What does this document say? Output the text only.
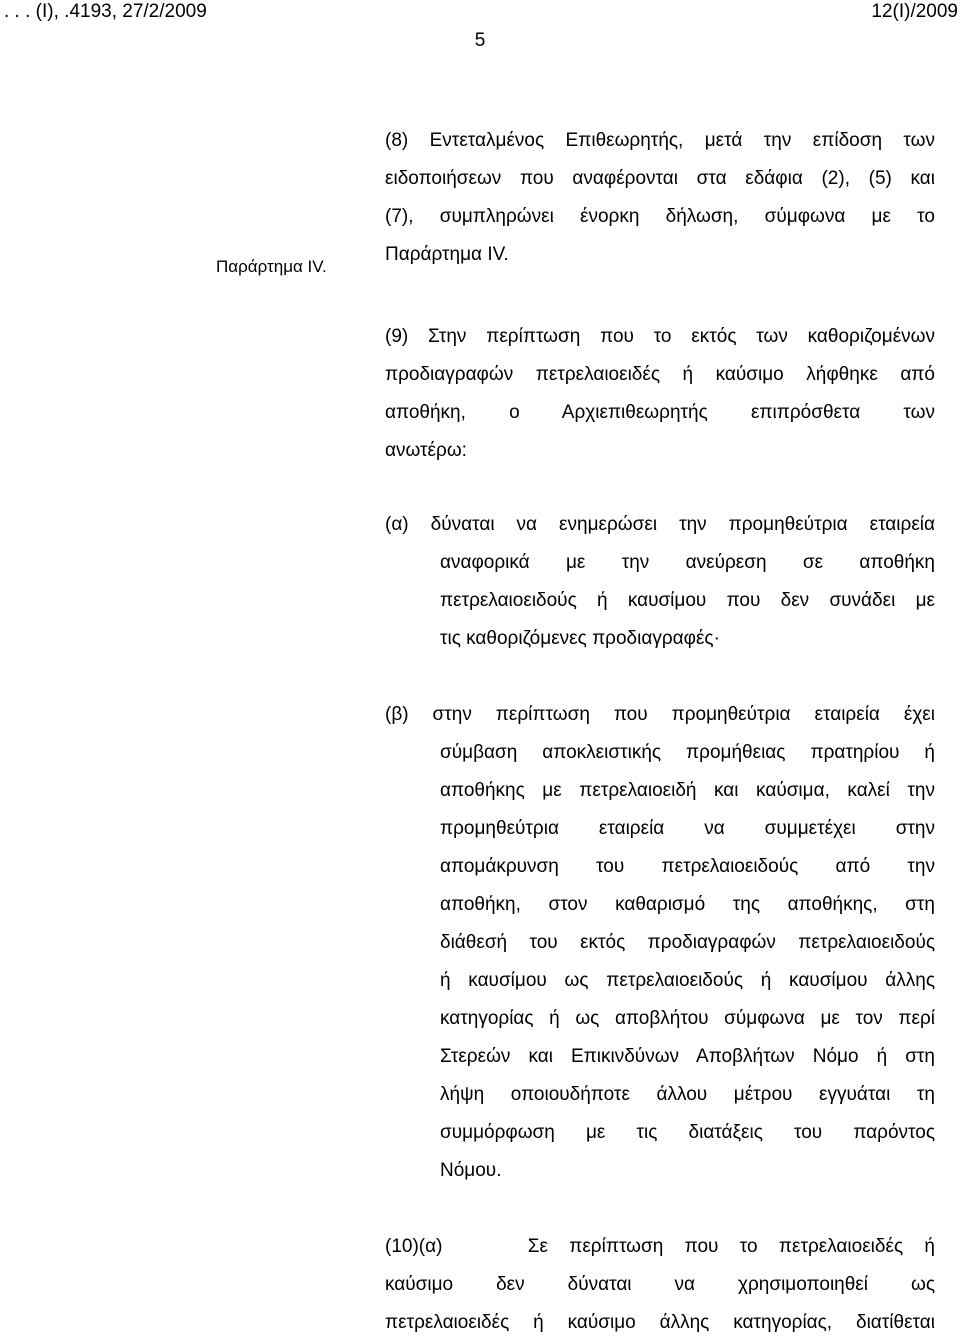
. . . (Ι), .4193, 27/2/2009	12(Ι)/2009
5
Παράρτημα IV.
(8) Εντεταλμένος Επιθεωρητής, μετά την επίδοση των
ειδοποιήσεων που αναφέρονται στα εδάφια (2), (5) και
(7), συμπληρώνει ένορκη δήλωση, σύμφωνα με το
Παράρτημα IV.
(9) Στην περίπτωση που το εκτός των καθοριζομένων
προδιαγραφών πετρελαιοειδές ή καύσιμο λήφθηκε από
αποθήκη, ο Αρχιεπιθεωρητής επιπρόσθετα των
ανωτέρω:
(α) δύναται να ενημερώσει την προμηθεύτρια εταιρεία
αναφορικά με την ανεύρεση σε αποθήκη
πετρελαιοειδούς ή καυσίμου που δεν συνάδει με
τις καθοριζόμενες προδιαγραφές·
(β) στην περίπτωση που προμηθεύτρια εταιρεία έχει
σύμβαση αποκλειστικής προμήθειας πρατηρίου ή
αποθήκης με πετρελαιοειδή και καύσιμα, καλεί την
προμηθεύτρια εταιρεία να συμμετέχει στην
απομάκρυνση του πετρελαιοειδούς από την
αποθήκη, στον καθαρισμό της αποθήκης, στη
διάθεσή του εκτός προδιαγραφών πετρελαιοειδούς
ή καυσίμου ως πετρελαιοειδούς ή καυσίμου άλλης
κατηγορίας ή ως αποβλήτου σύμφωνα με τον περί
Στερεών και Επικινδύνων Αποβλήτων Νόμο ή στη
λήψη οποιουδήποτε άλλου μέτρου εγγυάται τη
συμμόρφωση με τις διατάξεις του παρόντος
Νόμου.
(10)(α)    Σε περίπτωση που το πετρελαιοειδές ή
καύσιμο δεν δύναται να χρησιμοποιηθεί ως
πετρελαιοειδές ή καύσιμο άλλης κατηγορίας, διατίθεται
